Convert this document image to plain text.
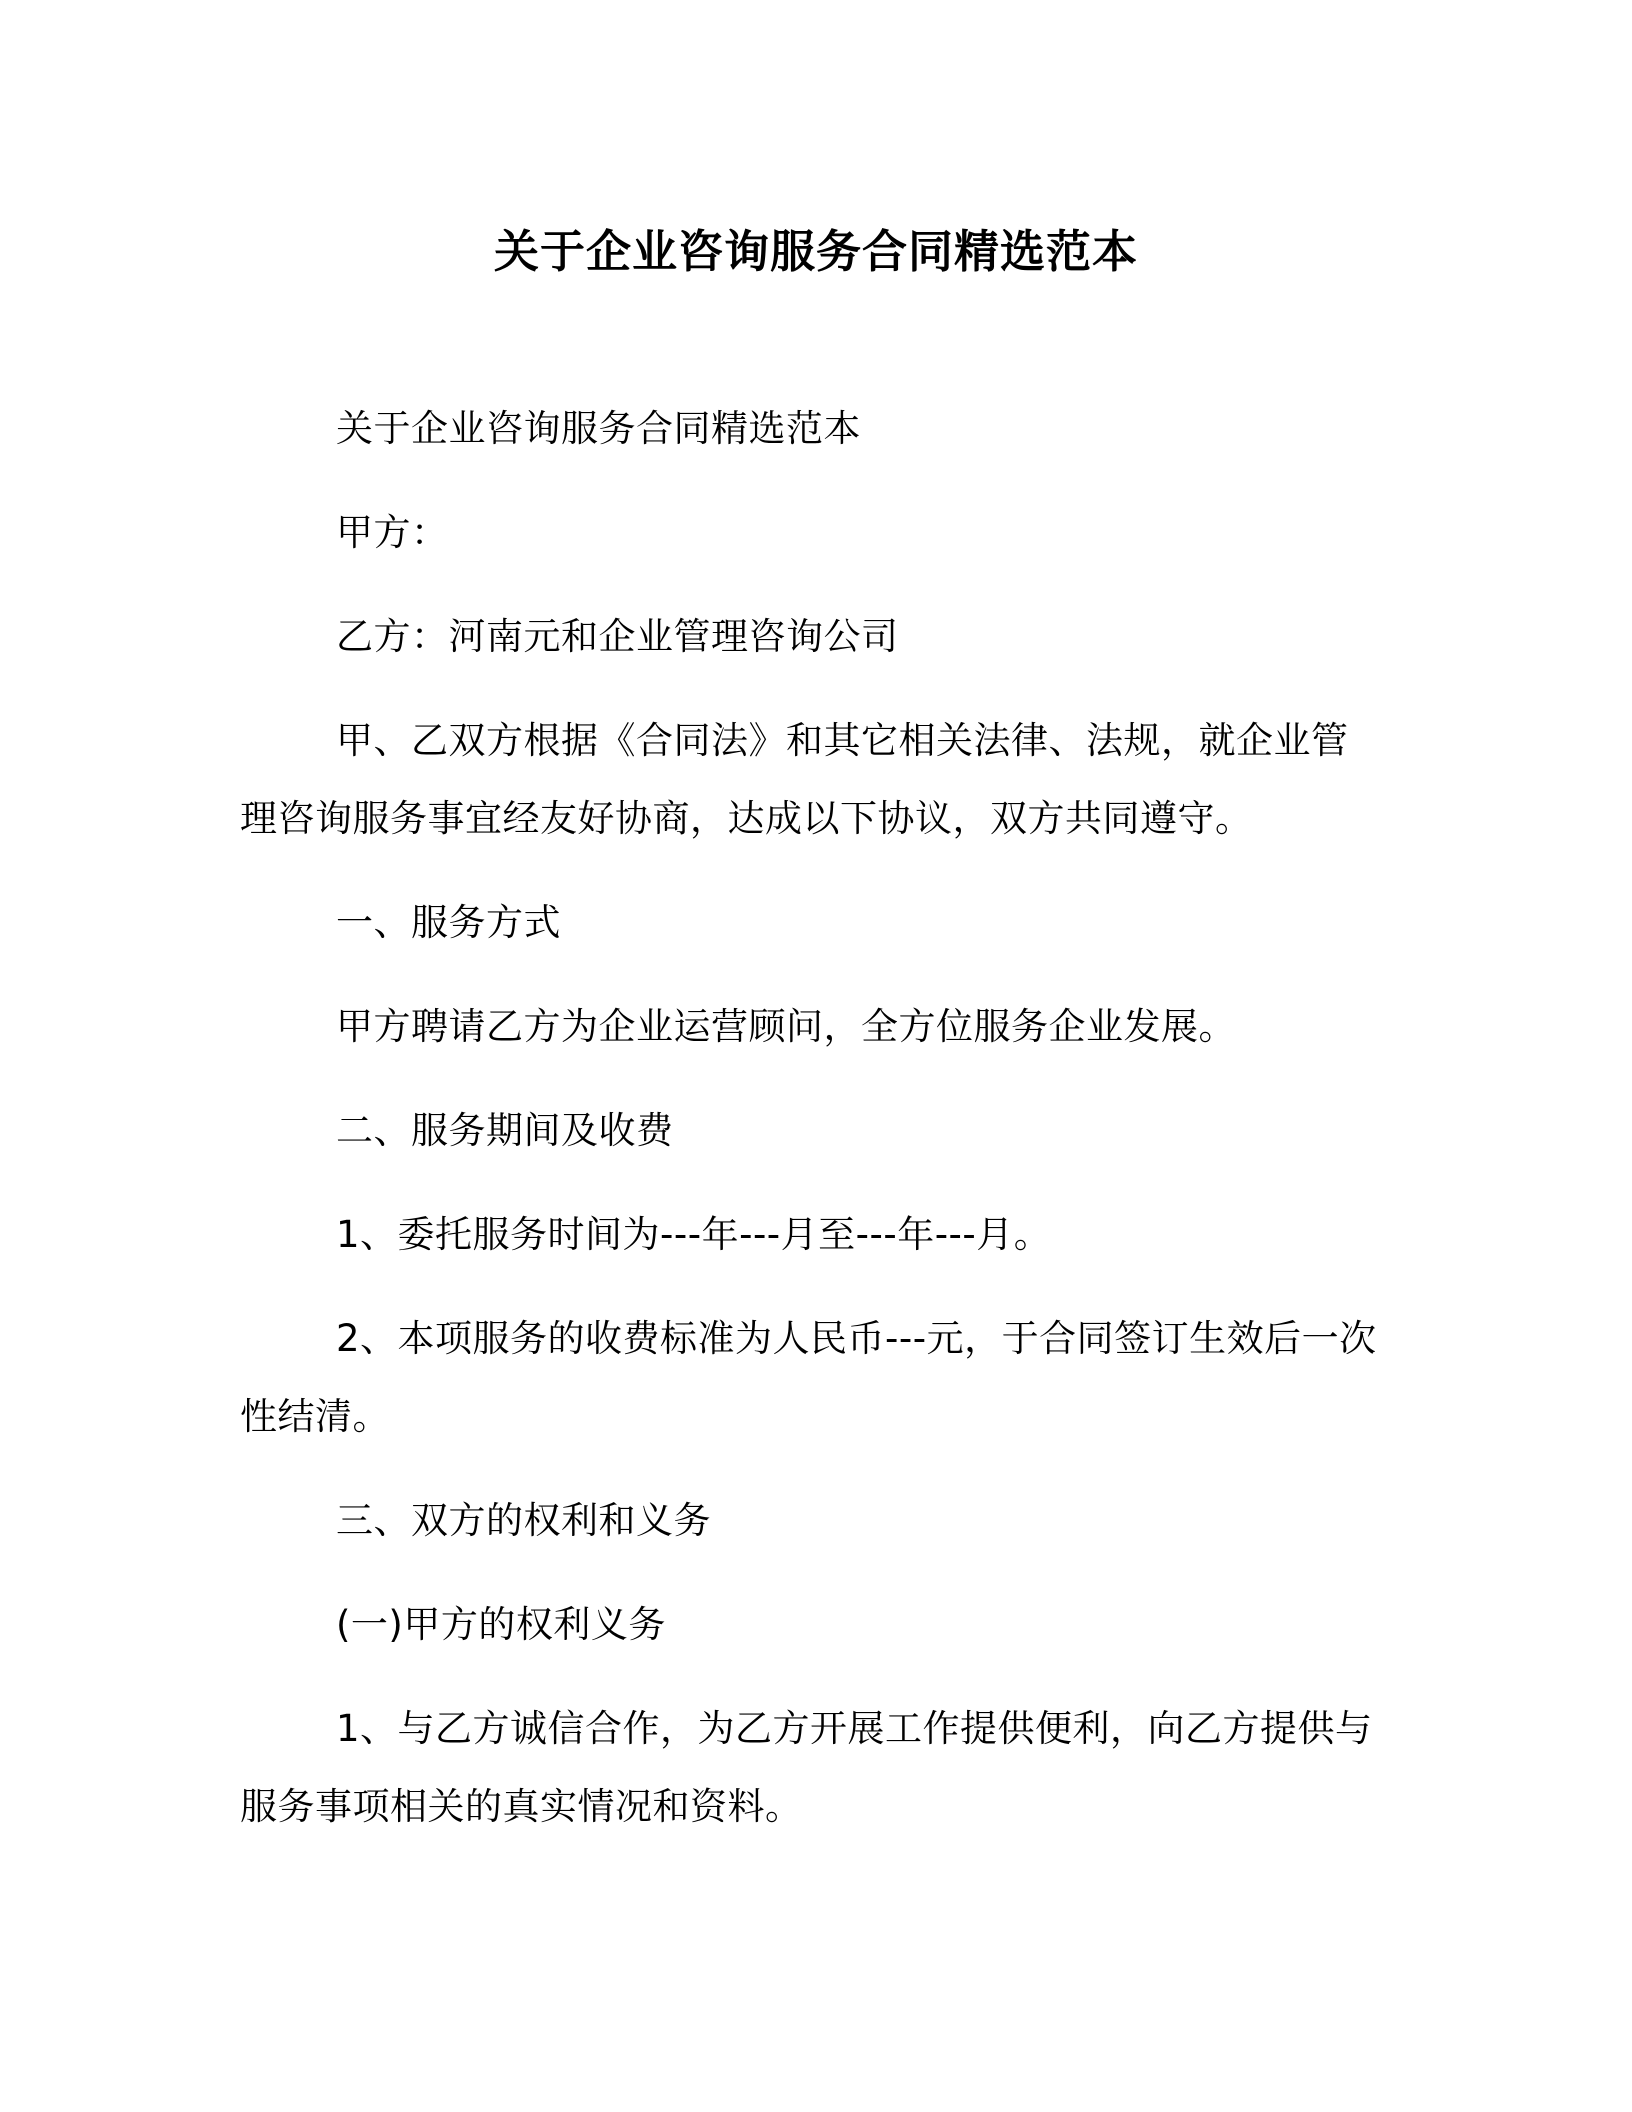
关于企业咨询服务合同精选范本

关于企业咨询服务合同精选范本

甲方：

乙方：河南元和企业管理咨询公司

甲、乙双方根据《合同法》和其它相关法律、法规，就企业管理咨询服务事宜经友好协商，达成以下协议，双方共同遵守。

一、服务方式

甲方聘请乙方为企业运营顾问，全方位服务企业发展。

二、服务期间及收费

1、委托服务时间为---年---月至---年---月。

2、本项服务的收费标准为人民币---元，于合同签订生效后一次性结清。

三、双方的权利和义务

(一)甲方的权利义务

1、与乙方诚信合作，为乙方开展工作提供便利，向乙方提供与服务事项相关的真实情况和资料。
